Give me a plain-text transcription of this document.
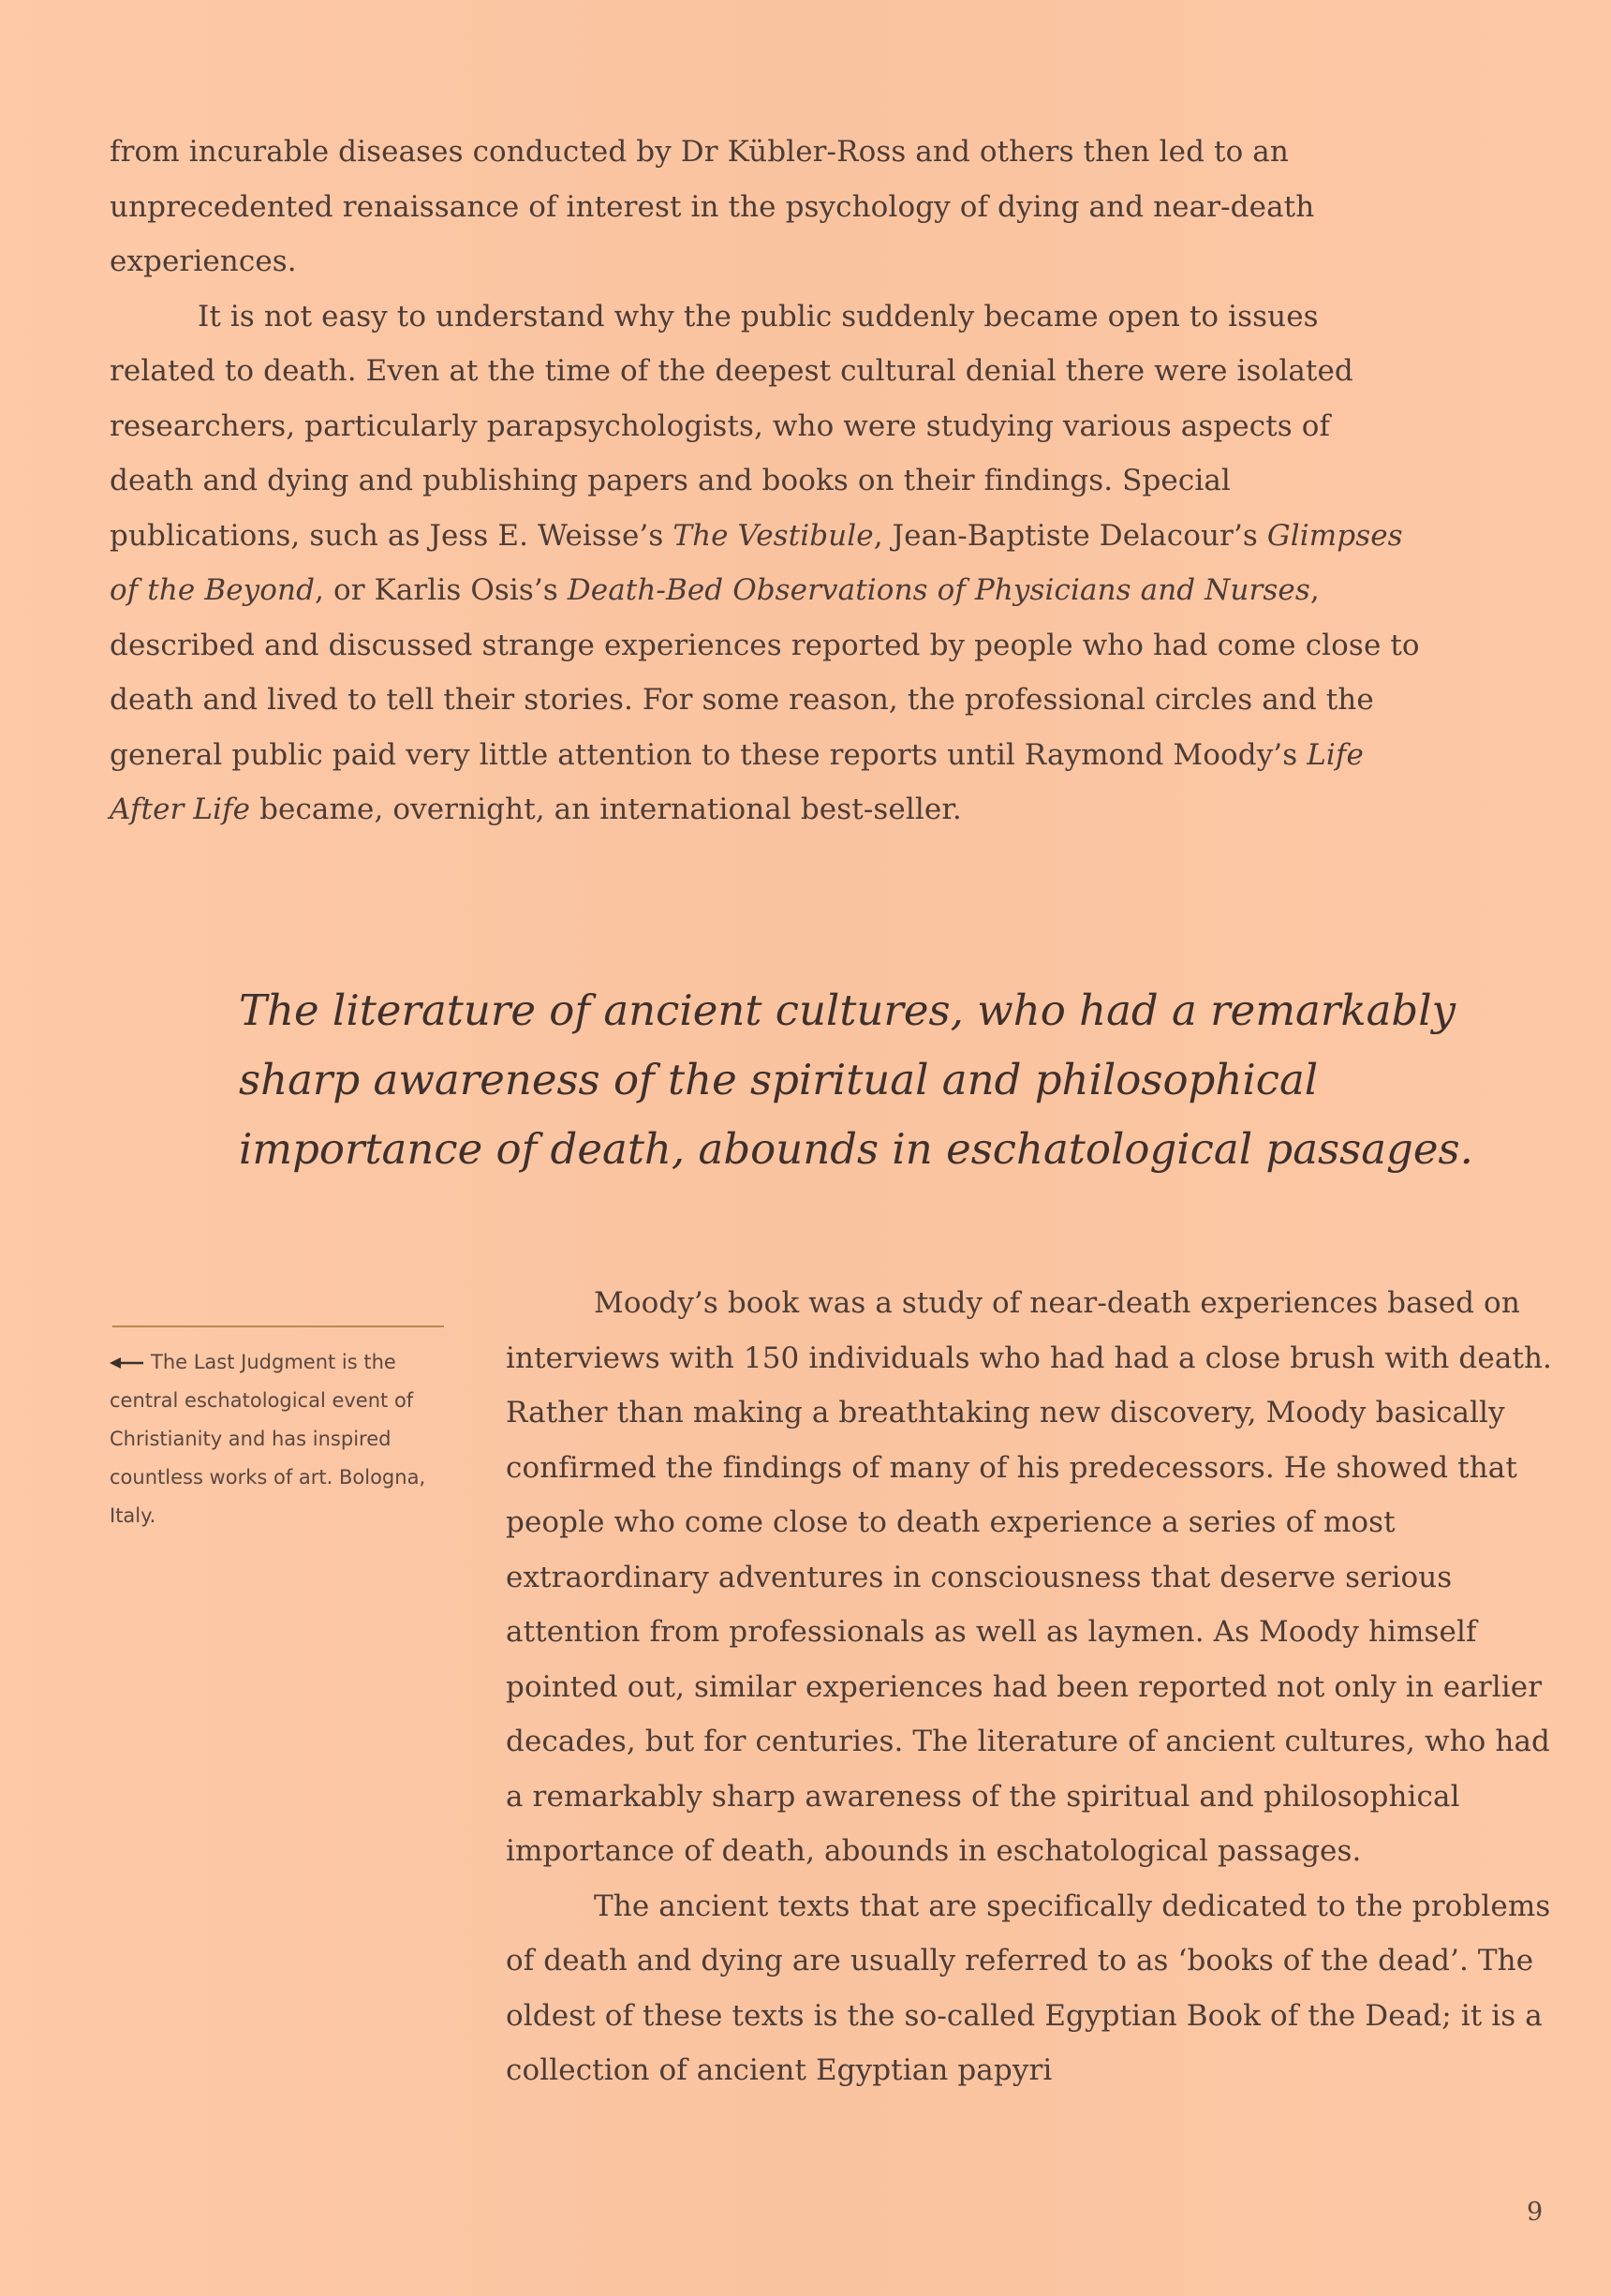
from incurable diseases conducted by Dr Kübler-Ross and others then led to an unprecedented renaissance of interest in the psychology of dying and near-death experiences.

It is not easy to understand why the public suddenly became open to issues related to death. Even at the time of the deepest cultural denial there were isolated researchers, particularly parapsychologists, who were studying various aspects of death and dying and publishing papers and books on their findings. Special publications, such as Jess E. Weisse’s The Vestibule, Jean-Baptiste Delacour’s Glimpses of the Beyond, or Karlis Osis’s Death-Bed Observations of Physicians and Nurses, described and discussed strange experiences reported by people who had come close to death and lived to tell their stories. For some reason, the professional circles and the general public paid very little attention to these reports until Raymond Moody’s Life After Life became, overnight, an international best-seller.

The literature of ancient cultures, who had a remarkably sharp awareness of the spiritual and philosophical importance of death, abounds in eschatological passages.

The Last Judgment is the central eschatological event of Christianity and has inspired countless works of art. Bologna, Italy.

Moody’s book was a study of near-death experiences based on interviews with 150 individuals who had had a close brush with death. Rather than making a breathtaking new discovery, Moody basically confirmed the findings of many of his predecessors. He showed that people who come close to death experience a series of most extraordinary adventures in consciousness that deserve serious attention from professionals as well as laymen. As Moody himself pointed out, similar experiences had been reported not only in earlier decades, but for centuries. The literature of ancient cultures, who had a remarkably sharp awareness of the spiritual and philosophical importance of death, abounds in eschatological passages.

The ancient texts that are specifically dedicated to the problems of death and dying are usually referred to as ‘books of the dead’. The oldest of these texts is the so-called Egyptian Book of the Dead; it is a collection of ancient Egyptian papyri

9
